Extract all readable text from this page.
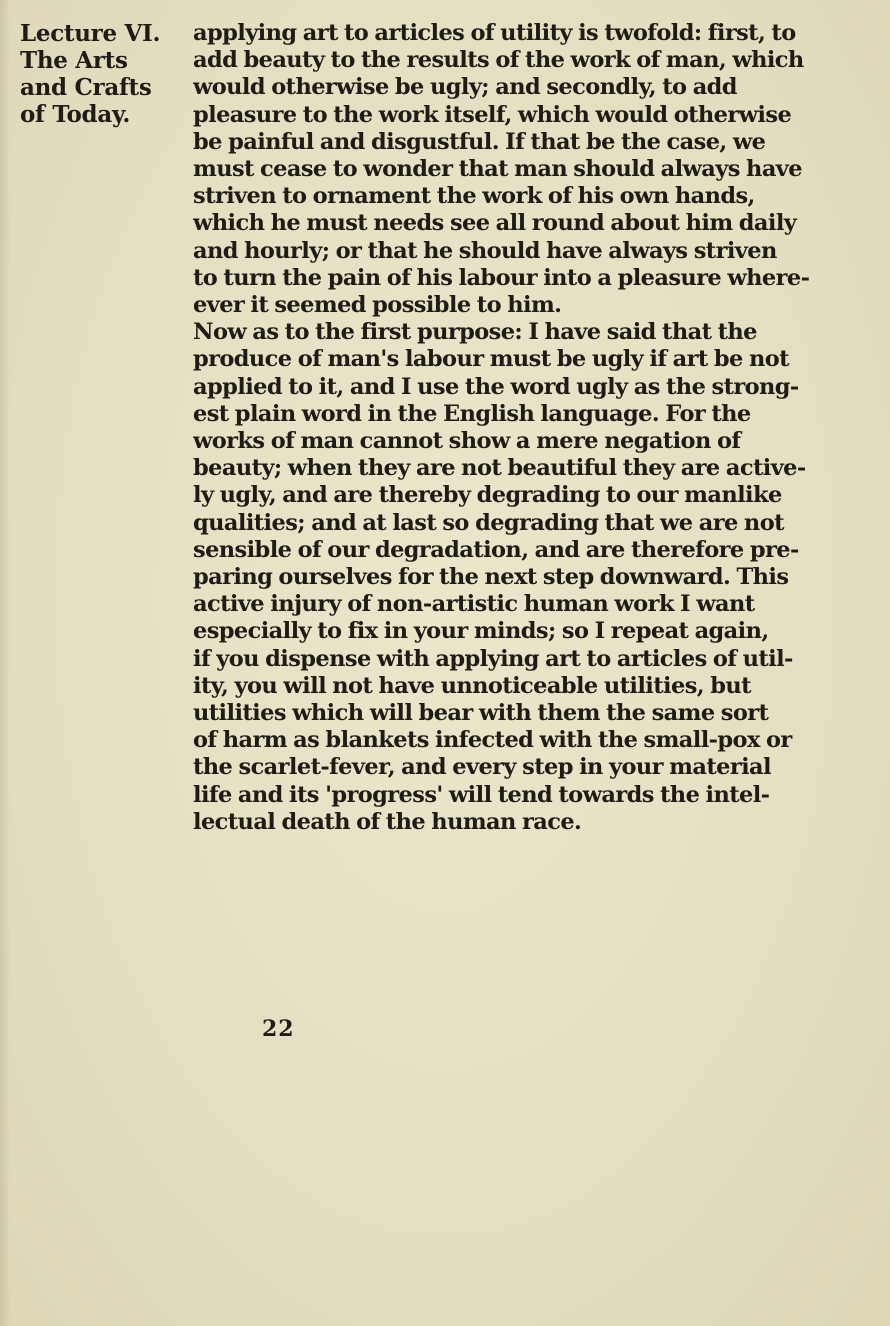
Lecture VI.
The Arts
and Crafts
of Today.
applying art to articles of utility is twofold: first, to
add beauty to the results of the work of man, which
would otherwise be ugly; and secondly, to add
pleasure to the work itself, which would otherwise
be painful and disgustful. If that be the case, we
must cease to wonder that man should always have
striven to ornament the work of his own hands,
which he must needs see all round about him daily
and hourly; or that he should have always striven
to turn the pain of his labour into a pleasure where-
ever it seemed possible to him.
Now as to the first purpose: I have said that the
produce of man's labour must be ugly if art be not
applied to it, and I use the word ugly as the strong-
est plain word in the English language. For the
works of man cannot show a mere negation of
beauty; when they are not beautiful they are active-
ly ugly, and are thereby degrading to our manlike
qualities; and at last so degrading that we are not
sensible of our degradation, and are therefore pre-
paring ourselves for the next step downward. This
active injury of non-artistic human work I want
especially to fix in your minds; so I repeat again,
if you dispense with applying art to articles of util-
ity, you will not have unnoticeable utilities, but
utilities which will bear with them the same sort
of harm as blankets infected with the small-pox or
the scarlet-fever, and every step in your material
life and its 'progress' will tend towards the intel-
lectual death of the human race.
22
